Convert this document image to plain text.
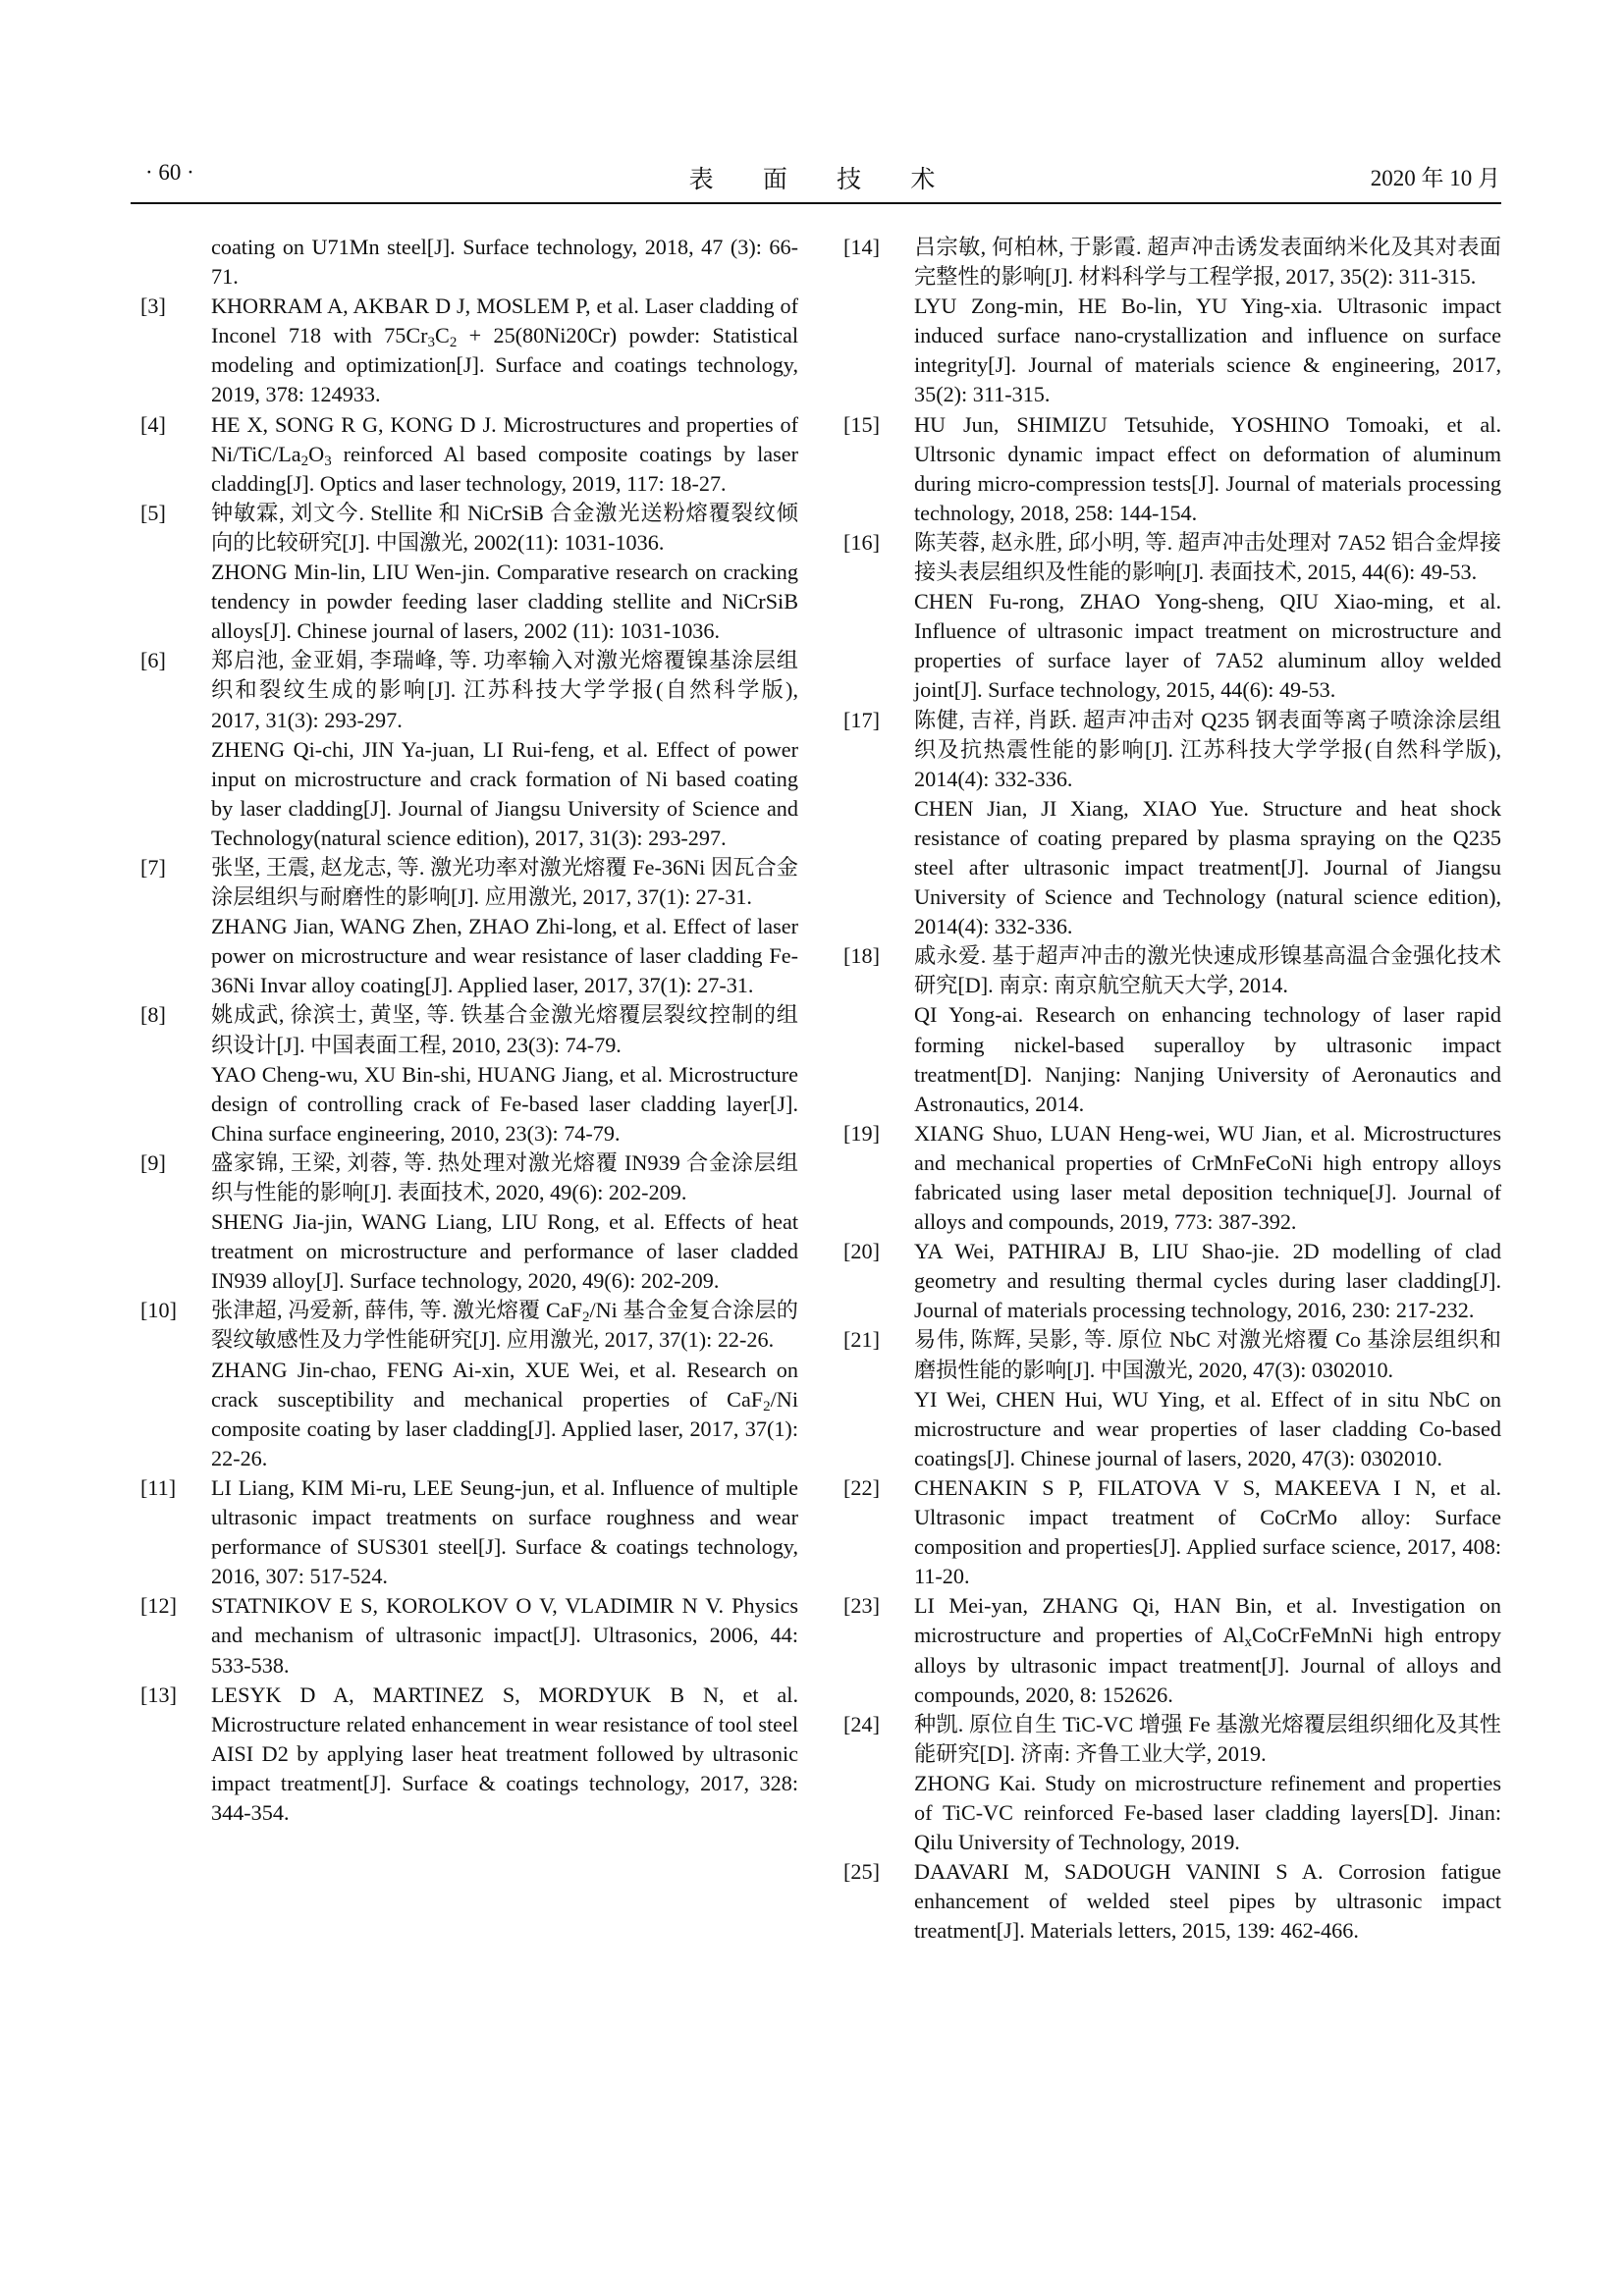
· 60 ·	表 面 技 术	2020 年 10 月

coating on U71Mn steel[J]. Surface technology, 2018, 47 (3): 66-71.

[3]	KHORRAM A, AKBAR D J, MOSLEM P, et al. Laser cladding of Inconel 718 with $75Cr_3C_2 + 25(80Ni20Cr)$ powder: Statistical modeling and optimization[J]. Surface and coatings technology, 2019, 378: 124933.

[4]	HE X, SONG R G, KONG D J. Microstructures and properties of $Ni/TiC/La_2O_3$ reinforced Al based composite coatings by laser cladding[J]. Optics and laser technology, 2019, 117: 18-27.

[5]	钟敏霖, 刘文今. Stellite 和 NiCrSiB 合金激光送粉熔覆裂纹倾向的比较研究[J]. 中国激光, 2002(11): 1031-1036.

ZHONG Min-lin, LIU Wen-jin. Comparative research on cracking tendency in powder feeding laser cladding stellite and NiCrSiB alloys[J]. Chinese journal of lasers, 2002 (11): 1031-1036.

[6]	郑启池, 金亚娟, 李瑞峰, 等. 功率输入对激光熔覆镍基涂层组织和裂纹生成的影响[J]. 江苏科技大学学报(自然科学版), 2017, 31(3): 293-297.

ZHENG Qi-chi, JIN Ya-juan, LI Rui-feng, et al. Effect of power input on microstructure and crack formation of Ni based coating by laser cladding[J]. Journal of Jiangsu University of Science and Technology(natural science edition), 2017, 31(3): 293-297.

[7]	张坚, 王震, 赵龙志, 等. 激光功率对激光熔覆 Fe-36Ni 因瓦合金涂层组织与耐磨性的影响[J]. 应用激光, 2017, 37(1): 27-31.

ZHANG Jian, WANG Zhen, ZHAO Zhi-long, et al. Effect of laser power on microstructure and wear resistance of laser cladding Fe-36Ni Invar alloy coating[J]. Applied laser, 2017, 37(1): 27-31.

[8]	姚成武, 徐滨士, 黄坚, 等. 铁基合金激光熔覆层裂纹控制的组织设计[J]. 中国表面工程, 2010, 23(3): 74-79.

YAO Cheng-wu, XU Bin-shi, HUANG Jiang, et al. Microstructure design of controlling crack of Fe-based laser cladding layer[J]. China surface engineering, 2010, 23(3): 74-79.

[9]	盛家锦, 王梁, 刘蓉, 等. 热处理对激光熔覆 IN939 合金涂层组织与性能的影响[J]. 表面技术, 2020, 49(6): 202-209.

SHENG Jia-jin, WANG Liang, LIU Rong, et al. Effects of heat treatment on microstructure and performance of laser cladded IN939 alloy[J]. Surface technology, 2020, 49(6): 202-209.

[10]	张津超, 冯爱新, 薛伟, 等. 激光熔覆 CaF$_2$/Ni 基合金复合涂层的裂纹敏感性及力学性能研究[J]. 应用激光, 2017, 37(1): 22-26.

ZHANG Jin-chao, FENG Ai-xin, XUE Wei, et al. Research on crack susceptibility and mechanical properties of CaF$_2$/Ni composite coating by laser cladding[J]. Applied laser, 2017, 37(1): 22-26.

[11]	LI Liang, KIM Mi-ru, LEE Seung-jun, et al. Influence of multiple ultrasonic impact treatments on surface roughness and wear performance of SUS301 steel[J]. Surface & coatings technology, 2016, 307: 517-524.

[12]	STATNIKOV E S, KOROLKOV O V, VLADIMIR N V. Physics and mechanism of ultrasonic impact[J]. Ultrasonics, 2006, 44: 533-538.

[13]	LESYK D A, MARTINEZ S, MORDYUK B N, et al. Microstructure related enhancement in wear resistance of tool steel AISI D2 by applying laser heat treatment followed by ultrasonic impact treatment[J]. Surface & coatings technology, 2017, 328: 344-354.

[14]	吕宗敏, 何柏林, 于影霞. 超声冲击诱发表面纳米化及其对表面完整性的影响[J]. 材料科学与工程学报, 2017, 35(2): 311-315.

LYU Zong-min, HE Bo-lin, YU Ying-xia. Ultrasonic impact induced surface nano-crystallization and influence on surface integrity[J]. Journal of materials science & engineering, 2017, 35(2): 311-315.

[15]	HU Jun, SHIMIZU Tetsuhide, YOSHINO Tomoaki, et al. Ultrsonic dynamic impact effect on deformation of aluminum during micro-compression tests[J]. Journal of materials processing technology, 2018, 258: 144-154.

[16]	陈芙蓉, 赵永胜, 邱小明, 等. 超声冲击处理对 7A52 铝合金焊接接头表层组织及性能的影响[J]. 表面技术, 2015, 44(6): 49-53.

CHEN Fu-rong, ZHAO Yong-sheng, QIU Xiao-ming, et al. Influence of ultrasonic impact treatment on microstructure and properties of surface layer of 7A52 aluminum alloy welded joint[J]. Surface technology, 2015, 44(6): 49-53.

[17]	陈健, 吉祥, 肖跃. 超声冲击对 Q235 钢表面等离子喷涂涂层组织及抗热震性能的影响[J]. 江苏科技大学学报(自然科学版), 2014(4): 332-336.

CHEN Jian, JI Xiang, XIAO Yue. Structure and heat shock resistance of coating prepared by plasma spraying on the Q235 steel after ultrasonic impact treatment[J]. Journal of Jiangsu University of Science and Technology (natural science edition), 2014(4): 332-336.

[18]	戚永爱. 基于超声冲击的激光快速成形镍基高温合金强化技术研究[D]. 南京: 南京航空航天大学, 2014.

QI Yong-ai. Research on enhancing technology of laser rapid forming nickel-based superalloy by ultrasonic impact treatment[D]. Nanjing: Nanjing University of Aeronautics and Astronautics, 2014.

[19]	XIANG Shuo, LUAN Heng-wei, WU Jian, et al. Microstructures and mechanical properties of CrMnFeCoNi high entropy alloys fabricated using laser metal deposition technique[J]. Journal of alloys and compounds, 2019, 773: 387-392.

[20]	YA Wei, PATHIRAJ B, LIU Shao-jie. 2D modelling of clad geometry and resulting thermal cycles during laser cladding[J]. Journal of materials processing technology, 2016, 230: 217-232.

[21]	易伟, 陈辉, 吴影, 等. 原位 NbC 对激光熔覆 Co 基涂层组织和磨损性能的影响[J]. 中国激光, 2020, 47(3): 0302010.

YI Wei, CHEN Hui, WU Ying, et al. Effect of in situ NbC on microstructure and wear properties of laser cladding Co-based coatings[J]. Chinese journal of lasers, 2020, 47(3): 0302010.

[22]	CHENAKIN S P, FILATOVA V S, MAKEEVA I N, et al. Ultrasonic impact treatment of CoCrMo alloy: Surface composition and properties[J]. Applied surface science, 2017, 408: 11-20.

[23]	LI Mei-yan, ZHANG Qi, HAN Bin, et al. Investigation on microstructure and properties of $Al_xCoCrFeMnNi$ high entropy alloys by ultrasonic impact treatment[J]. Journal of alloys and compounds, 2020, 8: 152626.

[24]	种凯. 原位自生 TiC-VC 增强 Fe 基激光熔覆层组织细化及其性能研究[D]. 济南: 齐鲁工业大学, 2019.

ZHONG Kai. Study on microstructure refinement and properties of TiC-VC reinforced Fe-based laser cladding layers[D]. Jinan: Qilu University of Technology, 2019.

[25]	DAAVARI M, SADOUGH VANINI S A. Corrosion fatigue enhancement of welded steel pipes by ultrasonic impact treatment[J]. Materials letters, 2015, 139: 462-466.
